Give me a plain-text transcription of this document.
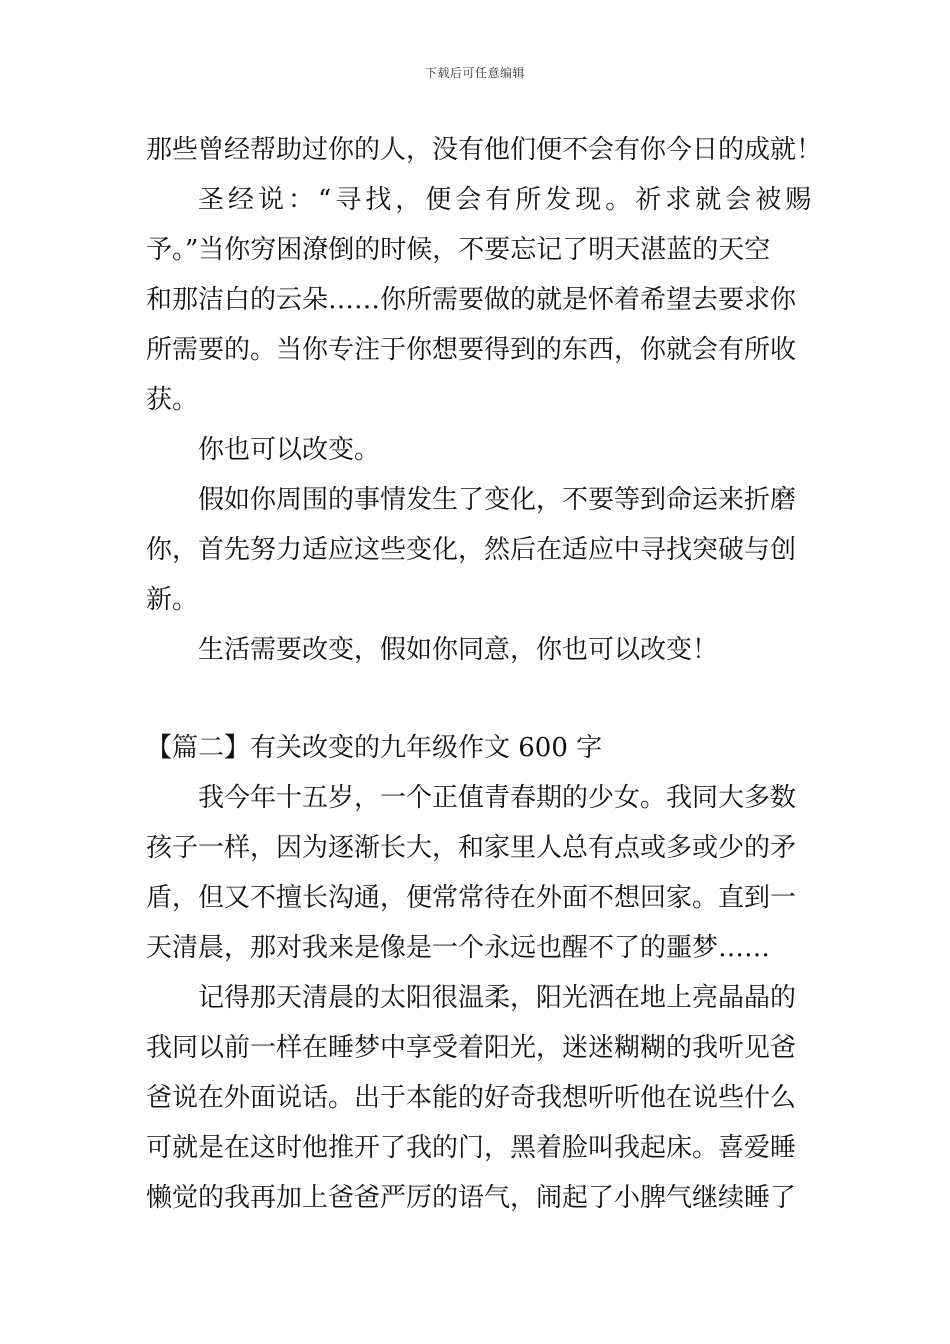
下载后可任意编辑
那些曾经帮助过你的人，没有他们便不会有你今日的成就！
圣经说：“寻找，便会有所发现。祈求就会被赐
予。”当你穷困潦倒的时候，不要忘记了明天湛蓝的天空
和那洁白的云朵……你所需要做的就是怀着希望去要求你
所需要的。当你专注于你想要得到的东西，你就会有所收
获。
你也可以改变。
假如你周围的事情发生了变化，不要等到命运来折磨
你，首先努力适应这些变化，然后在适应中寻找突破与创
新。
生活需要改变，假如你同意，你也可以改变！
【篇二】有关改变的九年级作文 600 字
我今年十五岁，一个正值青春期的少女。我同大多数
孩子一样，因为逐渐长大，和家里人总有点或多或少的矛
盾，但又不擅长沟通，便常常待在外面不想回家。直到一
天清晨，那对我来是像是一个永远也醒不了的噩梦……
记得那天清晨的太阳很温柔，阳光洒在地上亮晶晶的
我同以前一样在睡梦中享受着阳光，迷迷糊糊的我听见爸
爸说在外面说话。出于本能的好奇我想听听他在说些什么
可就是在这时他推开了我的门，黑着脸叫我起床。喜爱睡
懒觉的我再加上爸爸严厉的语气，闹起了小脾气继续睡了
